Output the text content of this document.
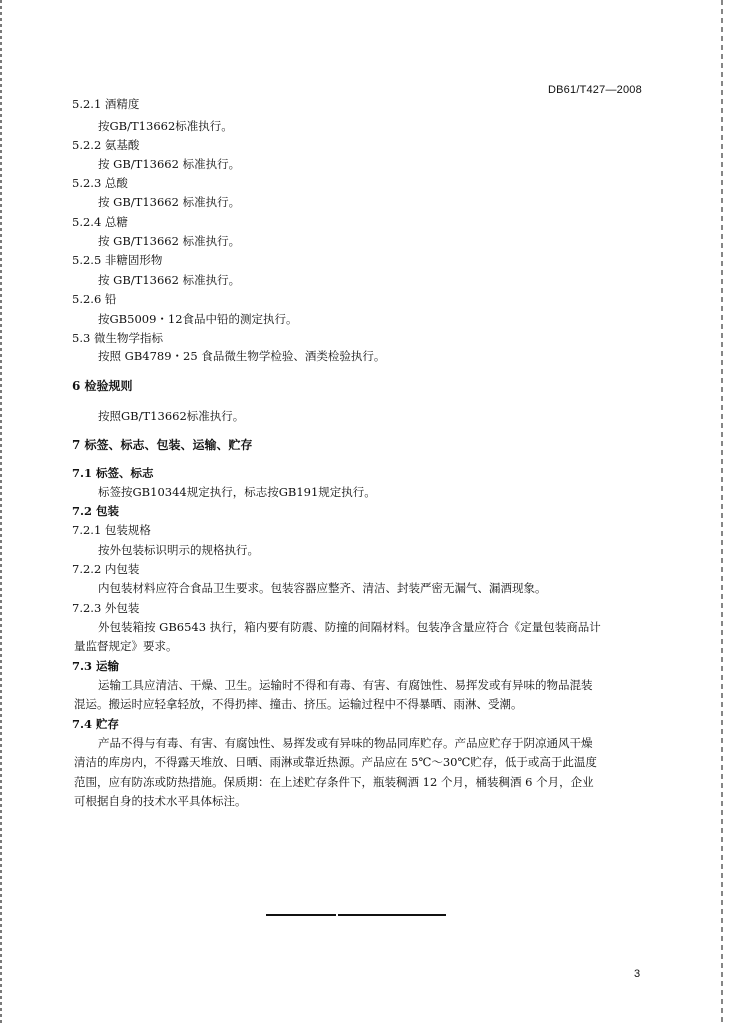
DB61/T427—2008
5.2.1 酒精度
按GB/T13662标准执行。
5.2.2 氨基酸
按 GB/T13662 标准执行。
5.2.3 总酸
按 GB/T13662 标准执行。
5.2.4 总糖
按 GB/T13662 标准执行。
5.2.5 非糖固形物
按 GB/T13662 标准执行。
5.2.6 铅
按GB5009・12食品中铅的测定执行。
5.3 微生物学指标
按照 GB4789・25 食品微生物学检验、酒类检验执行。
6 检验规则
按照GB/T13662标准执行。
7 标签、标志、包装、运输、贮存
7.1 标签、标志
标签按GB10344规定执行，标志按GB191规定执行。
7.2 包装
7.2.1 包装规格
按外包装标识明示的规格执行。
7.2.2 内包装
内包装材料应符合食品卫生要求。包装容器应整齐、清洁、封装严密无漏气、漏酒现象。
7.2.3 外包装
外包装箱按 GB6543 执行，箱内要有防震、防撞的间隔材料。包装净含量应符合《定量包装商品计
量监督规定》要求。
7.3 运输
运输工具应清洁、干燥、卫生。运输时不得和有毒、有害、有腐蚀性、易挥发或有异味的物品混装
混运。搬运时应轻拿轻放，不得扔摔、撞击、挤压。运输过程中不得暴晒、雨淋、受潮。
7.4 贮存
产品不得与有毒、有害、有腐蚀性、易挥发或有异味的物品同库贮存。产品应贮存于阴凉通风干燥
清洁的库房内，不得露天堆放、日晒、雨淋或靠近热源。产品应在 5℃～30℃贮存，低于或高于此温度
范围，应有防冻或防热措施。保质期：在上述贮存条件下，瓶装稠酒 12 个月，桶装稠酒 6 个月，企业
可根据自身的技术水平具体标注。
3
